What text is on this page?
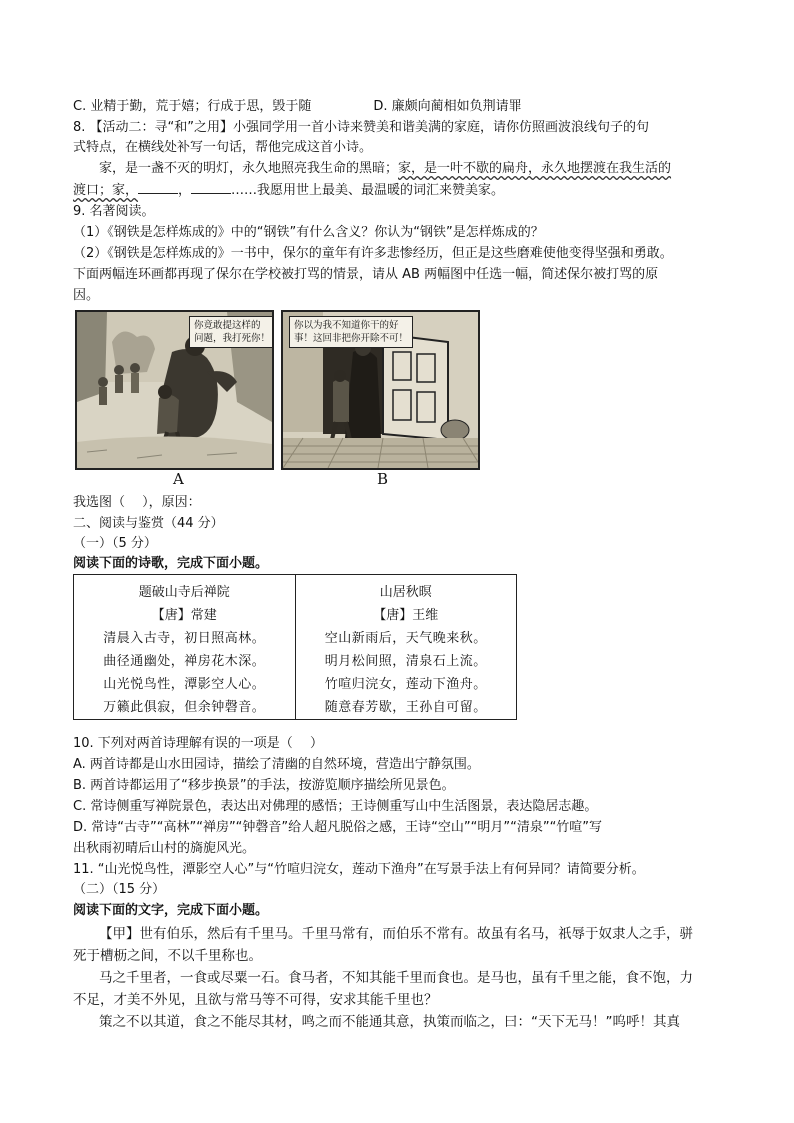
C. 业精于勤，荒于嬉；行成于思，毁于随	D. 廉颇向蔺相如负荆请罪
8. 【活动二：寻“和”之用】小强同学用一首小诗来赞美和谐美满的家庭，请你仿照画波浪线句子的句
式特点，在横线处补写一句话，帮他完成这首小诗。
家，是一盏不灭的明灯，永久地照亮我生命的黑暗；家，是一叶不歇的扁舟，永久地摆渡在我生活的
渡口；家，	，	……我愿用世上最美、最温暖的词汇来赞美家。
9. 名著阅读。
（1）《钢铁是怎样炼成的》中的“钢铁”有什么含义？你认为“钢铁”是怎样炼成的？
（2）《钢铁是怎样炼成的》一书中，保尔的童年有许多悲惨经历，但正是这些磨难使他变得坚强和勇敢。
下面两幅连环画都再现了保尔在学校被打骂的情景，请从 AB 两幅图中任选一幅，简述保尔被打骂的原
因。
你竟敢提这样的
问题，我打死你！
你以为我不知道你干的好
事！这回非把你开除不可！
A	B
我选图（　 ），原因：
二、阅读与鉴赏（44 分）
（一）（5 分）
阅读下面的诗歌，完成下面小题。
题破山寺后禅院
【唐】常建
清晨入古寺，初日照高林。
曲径通幽处，禅房花木深。
山光悦鸟性，潭影空人心。
万籁此俱寂，但余钟磬音。

山居秋暝
【唐】王维
空山新雨后，天气晚来秋。
明月松间照，清泉石上流。
竹喧归浣女，莲动下渔舟。
随意春芳歇，王孙自可留。
10. 下列对两首诗理解有误的一项是（　 ）
A. 两首诗都是山水田园诗，描绘了清幽的自然环境，营造出宁静氛围。
B. 两首诗都运用了“移步换景”的手法，按游览顺序描绘所见景色。
C. 常诗侧重写禅院景色，表达出对佛理的感悟；王诗侧重写山中生活图景，表达隐居志趣。
D. 常诗“古寺”“高林”“禅房”“钟磬音”给人超凡脱俗之感，王诗“空山”“明月”“清泉”“竹喧”写
出秋雨初晴后山村的旖旎风光。
11. “山光悦鸟性，潭影空人心”与“竹喧归浣女，莲动下渔舟”在写景手法上有何异同？请简要分析。
（二）（15 分）
阅读下面的文字，完成下面小题。
【甲】世有伯乐，然后有千里马。千里马常有，而伯乐不常有。故虽有名马，祇辱于奴隶人之手，骈
死于槽枥之间，不以千里称也。
马之千里者，一食或尽粟一石。食马者，不知其能千里而食也。是马也，虽有千里之能，食不饱，力
不足，才美不外见，且欲与常马等不可得，安求其能千里也？
策之不以其道，食之不能尽其材，鸣之而不能通其意，执策而临之，曰：“天下无马！”呜呼！其真
